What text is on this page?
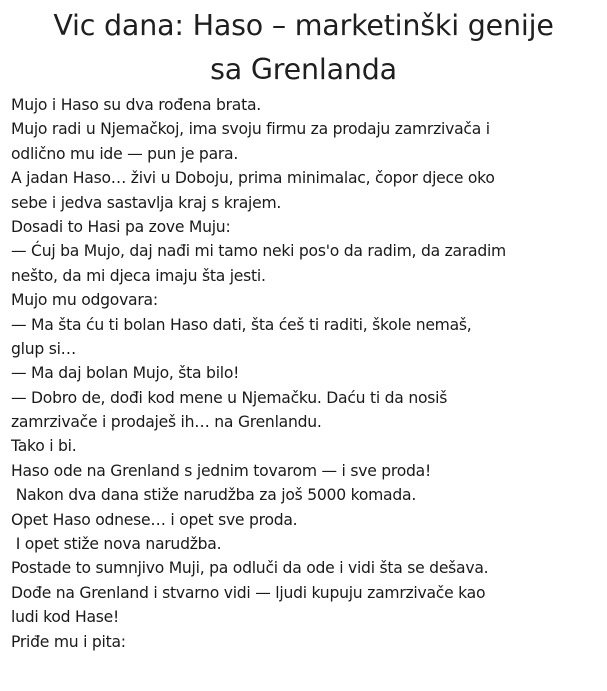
Vic dana: Haso – marketinški genije
sa Grenlanda
Mujo i Haso su dva rođena brata.
Mujo radi u Njemačkoj, ima svoju firmu za prodaju zamrzivača i
odlično mu ide — pun je para.
A jadan Haso… živi u Doboju, prima minimalac, čopor djece oko
sebe i jedva sastavlja kraj s krajem.
Dosadi to Hasi pa zove Muju:
— Ćuj ba Mujo, daj nađi mi tamo neki pos'o da radim, da zaradim
nešto, da mi djeca imaju šta jesti.
Mujo mu odgovara:
— Ma šta ću ti bolan Haso dati, šta ćeš ti raditi, škole nemaš,
glup si…
— Ma daj bolan Mujo, šta bilo!
— Dobro de, dođi kod mene u Njemačku. Daću ti da nosiš
zamrzivače i prodaješ ih… na Grenlandu.
Tako i bi.
Haso ode na Grenland s jednim tovarom — i sve proda!
Nakon dva dana stiže narudžba za još 5000 komada.
Opet Haso odnese… i opet sve proda.
I opet stiže nova narudžba.
Postade to sumnjivo Muji, pa odluči da ode i vidi šta se dešava.
Dođe na Grenland i stvarno vidi — ljudi kupuju zamrzivače kao
ludi kod Hase!
Priđe mu i pita:
